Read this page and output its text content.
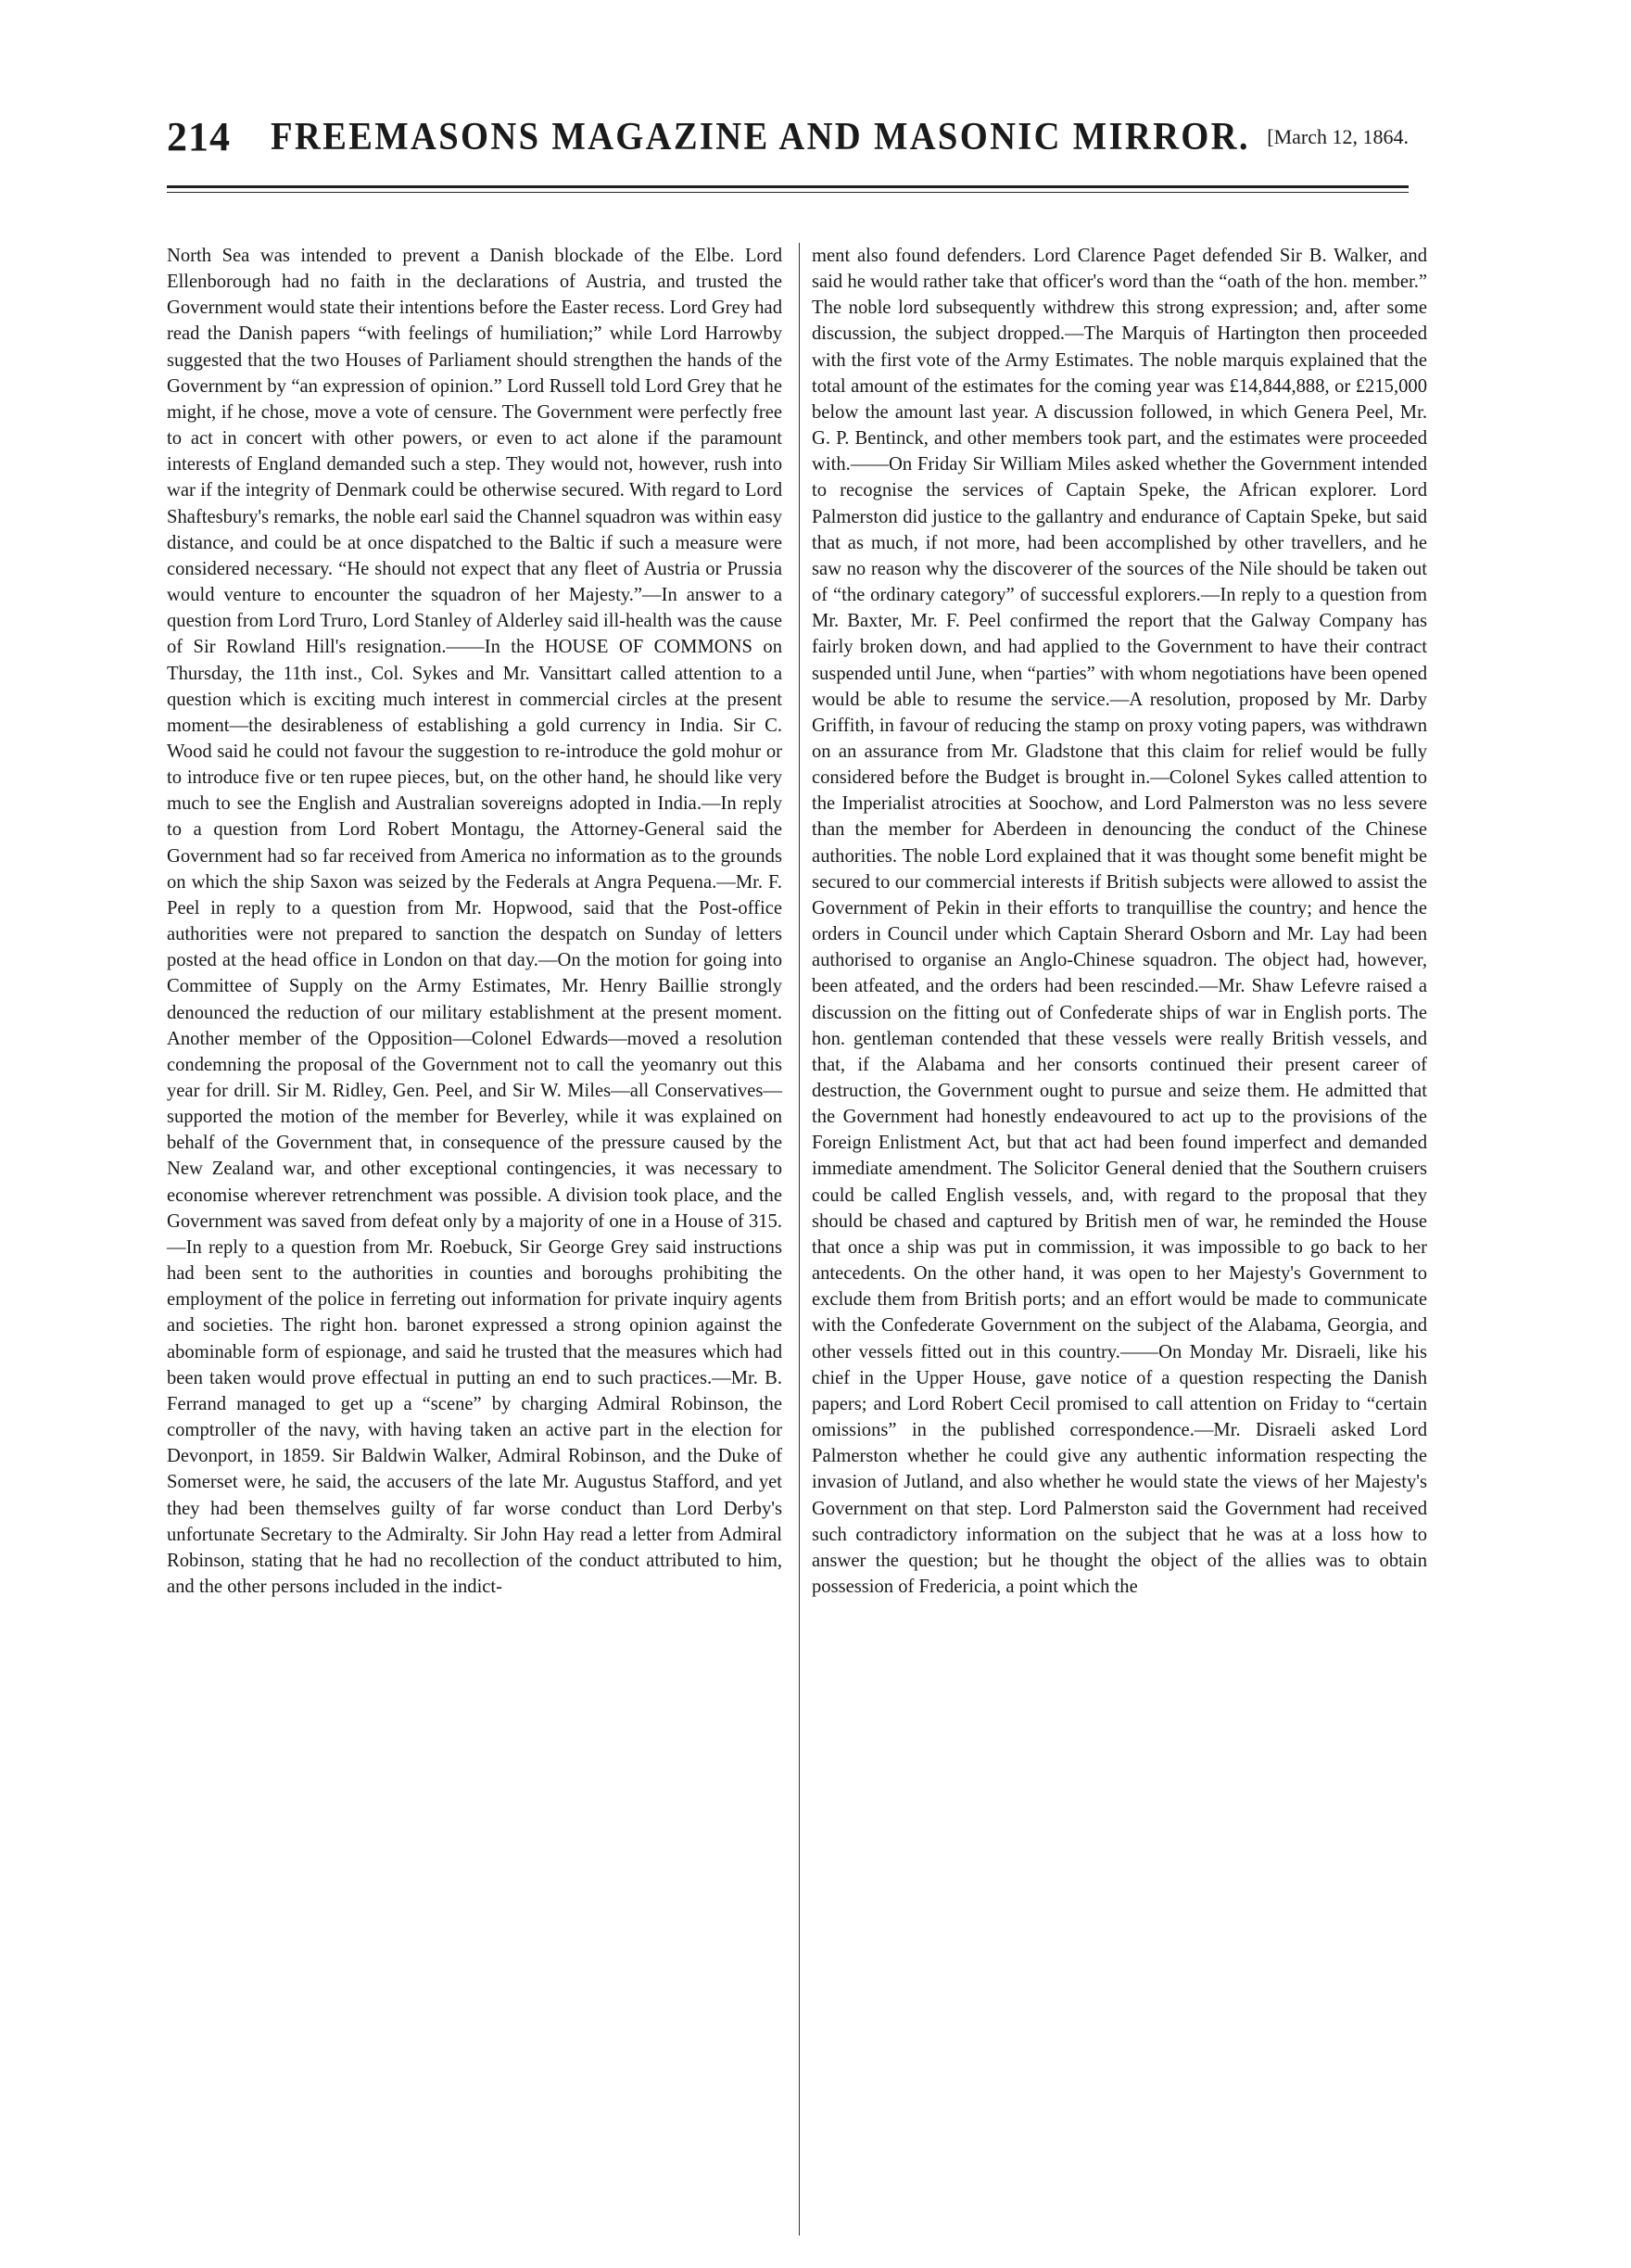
214 FREEMASONS MAGAZINE AND MASONIC MIRROR. [March 12, 1864.

North Sea was intended to prevent a Danish blockade of the Elbe. Lord Ellenborough had no faith in the declarations of Austria, and trusted the Government would state their intentions before the Easter recess. Lord Grey had read the Danish papers “with feelings of humiliation;” while Lord Harrowby suggested that the two Houses of Parliament should strengthen the hands of the Government by “an expression of opinion.” Lord Russell told Lord Grey that he might, if he chose, move a vote of censure. The Government were perfectly free to act in concert with other powers, or even to act alone if the paramount interests of England demanded such a step. They would not, however, rush into war if the integrity of Denmark could be otherwise secured. With regard to Lord Shaftesbury's remarks, the noble earl said the Channel squadron was within easy distance, and could be at once dispatched to the Baltic if such a measure were considered necessary. “He should not expect that any fleet of Austria or Prussia would venture to encounter the squadron of her Majesty.”—In answer to a question from Lord Truro, Lord Stanley of Alderley said ill-health was the cause of Sir Rowland Hill's resignation.——In the HOUSE OF COMMONS on Thursday, the 11th inst., Col. Sykes and Mr. Vansittart called attention to a question which is exciting much interest in commercial circles at the present moment—the desirableness of establishing a gold currency in India. Sir C. Wood said he could not favour the suggestion to re-introduce the gold mohur or to introduce five or ten rupee pieces, but, on the other hand, he should like very much to see the English and Australian sovereigns adopted in India.—In reply to a question from Lord Robert Montagu, the Attorney-General said the Government had so far received from America no information as to the grounds on which the ship Saxon was seized by the Federals at Angra Pequena.—Mr. F. Peel in reply to a question from Mr. Hopwood, said that the Post-office authorities were not prepared to sanction the despatch on Sunday of letters posted at the head office in London on that day.—On the motion for going into Committee of Supply on the Army Estimates, Mr. Henry Baillie strongly denounced the reduction of our military establishment at the present moment. Another member of the Opposition—Colonel Edwards—moved a resolution condemning the proposal of the Government not to call the yeomanry out this year for drill. Sir M. Ridley, Gen. Peel, and Sir W. Miles—all Conservatives—supported the motion of the member for Beverley, while it was explained on behalf of the Government that, in consequence of the pressure caused by the New Zealand war, and other exceptional contingencies, it was necessary to economise wherever retrenchment was possible. A division took place, and the Government was saved from defeat only by a majority of one in a House of 315.—In reply to a question from Mr. Roebuck, Sir George Grey said instructions had been sent to the authorities in counties and boroughs prohibiting the employment of the police in ferreting out information for private inquiry agents and societies. The right hon. baronet expressed a strong opinion against the abominable form of espionage, and said he trusted that the measures which had been taken would prove effectual in putting an end to such practices.—Mr. B. Ferrand managed to get up a “scene” by charging Admiral Robinson, the comptroller of the navy, with having taken an active part in the election for Devonport, in 1859. Sir Baldwin Walker, Admiral Robinson, and the Duke of Somerset were, he said, the accusers of the late Mr. Augustus Stafford, and yet they had been themselves guilty of far worse conduct than Lord Derby's unfortunate Secretary to the Admiralty. Sir John Hay read a letter from Admiral Robinson, stating that he had no recollection of the conduct attributed to him, and the other persons included in the indict-

ment also found defenders. Lord Clarence Paget defended Sir B. Walker, and said he would rather take that officer's word than the “oath of the hon. member.” The noble lord subsequently withdrew this strong expression; and, after some discussion, the subject dropped.—The Marquis of Hartington then proceeded with the first vote of the Army Estimates. The noble marquis explained that the total amount of the estimates for the coming year was £14,844,888, or £215,000 below the amount last year. A discussion followed, in which Genera Peel, Mr. G. P. Bentinck, and other members took part, and the estimates were proceeded with.——On Friday Sir William Miles asked whether the Government intended to recognise the services of Captain Speke, the African explorer. Lord Palmerston did justice to the gallantry and endurance of Captain Speke, but said that as much, if not more, had been accomplished by other travellers, and he saw no reason why the discoverer of the sources of the Nile should be taken out of “the ordinary category” of successful explorers.—In reply to a question from Mr. Baxter, Mr. F. Peel confirmed the report that the Galway Company has fairly broken down, and had applied to the Government to have their contract suspended until June, when “parties” with whom negotiations have been opened would be able to resume the service.—A resolution, proposed by Mr. Darby Griffith, in favour of reducing the stamp on proxy voting papers, was withdrawn on an assurance from Mr. Gladstone that this claim for relief would be fully considered before the Budget is brought in.—Colonel Sykes called attention to the Imperialist atrocities at Soochow, and Lord Palmerston was no less severe than the member for Aberdeen in denouncing the conduct of the Chinese authorities. The noble Lord explained that it was thought some benefit might be secured to our commercial interests if British subjects were allowed to assist the Government of Pekin in their efforts to tranquillise the country; and hence the orders in Council under which Captain Sherard Osborn and Mr. Lay had been authorised to organise an Anglo-Chinese squadron. The object had, however, been atfeated, and the orders had been rescinded.—Mr. Shaw Lefevre raised a discussion on the fitting out of Confederate ships of war in English ports. The hon. gentleman contended that these vessels were really British vessels, and that, if the Alabama and her consorts continued their present career of destruction, the Government ought to pursue and seize them. He admitted that the Government had honestly endeavoured to act up to the provisions of the Foreign Enlistment Act, but that act had been found imperfect and demanded immediate amendment. The Solicitor General denied that the Southern cruisers could be called English vessels, and, with regard to the proposal that they should be chased and captured by British men of war, he reminded the House that once a ship was put in commission, it was impossible to go back to her antecedents. On the other hand, it was open to her Majesty's Government to exclude them from British ports; and an effort would be made to communicate with the Confederate Government on the subject of the Alabama, Georgia, and other vessels fitted out in this country.——On Monday Mr. Disraeli, like his chief in the Upper House, gave notice of a question respecting the Danish papers; and Lord Robert Cecil promised to call attention on Friday to “certain omissions” in the published correspondence.—Mr. Disraeli asked Lord Palmerston whether he could give any authentic information respecting the invasion of Jutland, and also whether he would state the views of her Majesty's Government on that step. Lord Palmerston said the Government had received such contradictory information on the subject that he was at a loss how to answer the question; but he thought the object of the allies was to obtain possession of Fredericia, a point which the
